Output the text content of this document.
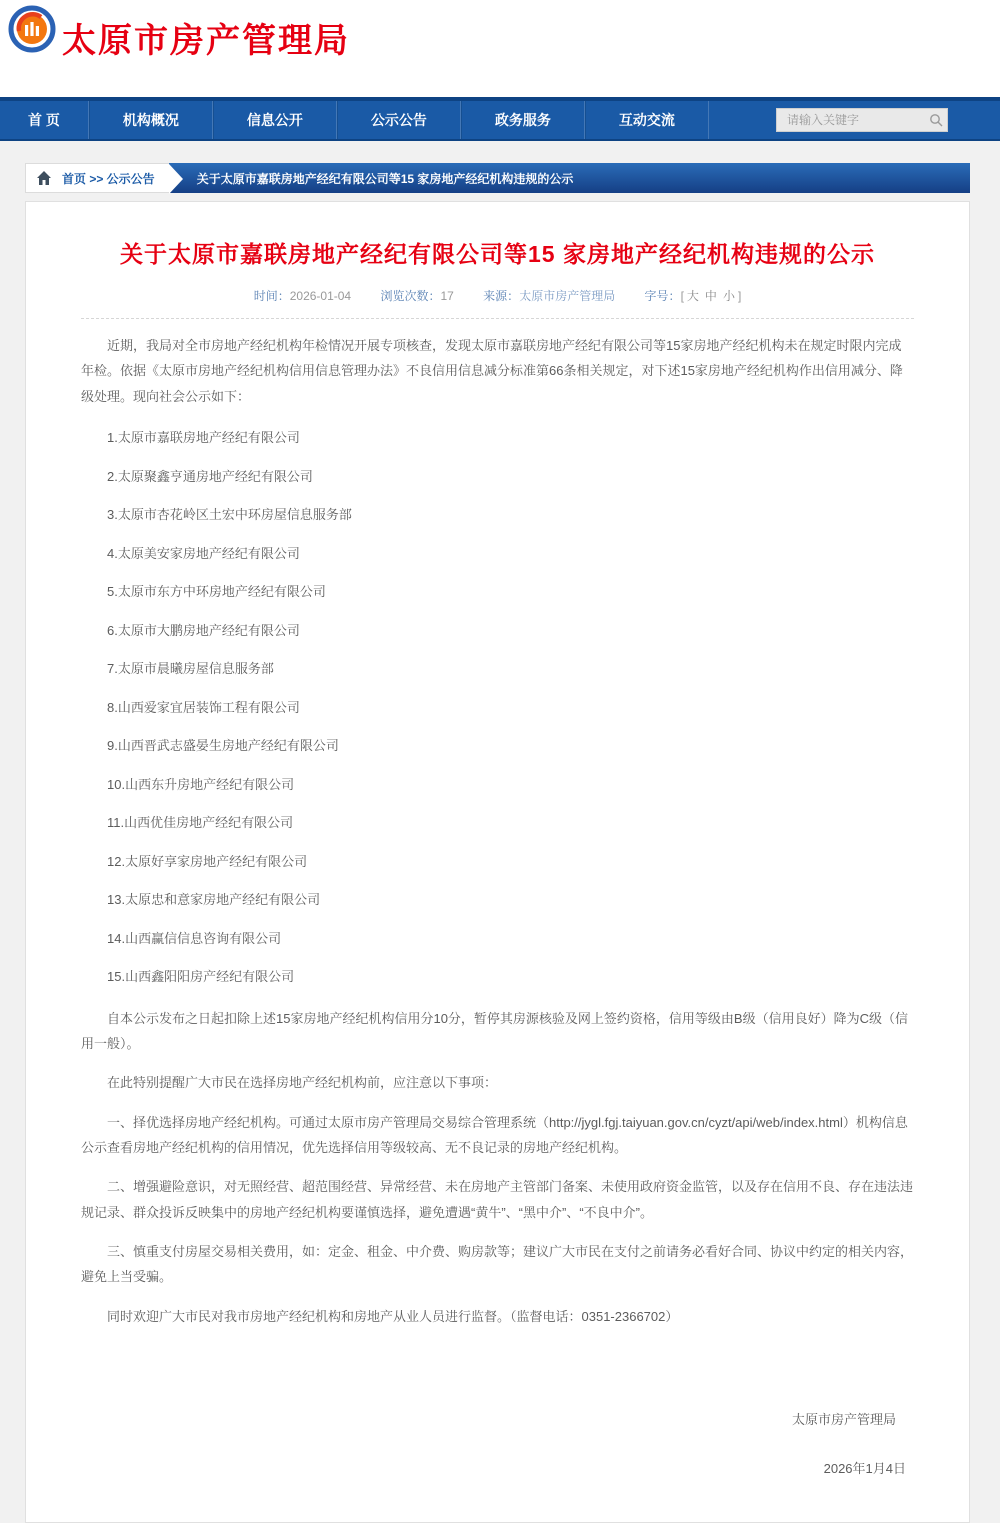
太原市房产管理局
首 页	机构概况	信息公开	公示公告	政务服务	互动交流
请输入关键字
首页 >> 公示公告	关于太原市嘉联房地产经纪有限公司等15 家房地产经纪机构违规的公示
关于太原市嘉联房地产经纪有限公司等15 家房地产经纪机构违规的公示
时间：2026-01-04 浏览次数：17 来源：太原市房产管理局 字号：[ 大 中 小 ]

近期，我局对全市房地产经纪机构年检情况开展专项核查，发现太原市嘉联房地产经纪有限公司等15家房地产经纪机构未在规定时限内完成年检。依据《太原市房地产经纪机构信用信息管理办法》不良信用信息减分标准第66条相关规定，对下述15家房地产经纪机构作出信用减分、降级处理。现向社会公示如下：

1.太原市嘉联房地产经纪有限公司

2.太原聚鑫亨通房地产经纪有限公司

3.太原市杏花岭区土宏中环房屋信息服务部

4.太原美安家房地产经纪有限公司

5.太原市东方中环房地产经纪有限公司

6.太原市大鹏房地产经纪有限公司

7.太原市晨曦房屋信息服务部

8.山西爱家宜居装饰工程有限公司

9.山西晋武志盛晏生房地产经纪有限公司

10.山西东升房地产经纪有限公司

11.山西优佳房地产经纪有限公司

12.太原好享家房地产经纪有限公司

13.太原忠和意家房地产经纪有限公司

14.山西赢信信息咨询有限公司

15.山西鑫阳阳房产经纪有限公司

自本公示发布之日起扣除上述15家房地产经纪机构信用分10分，暂停其房源核验及网上签约资格，信用等级由B级（信用良好）降为C级（信用一般）。

在此特别提醒广大市民在选择房地产经纪机构前，应注意以下事项：

一、择优选择房地产经纪机构。可通过太原市房产管理局交易综合管理系统（http://jygl.fgj.taiyuan.gov.cn/cyzt/api/web/index.html）机构信息公示查看房地产经纪机构的信用情况，优先选择信用等级较高、无不良记录的房地产经纪机构。

二、增强避险意识，对无照经营、超范围经营、异常经营、未在房地产主管部门备案、未使用政府资金监管，以及存在信用不良、存在违法违规记录、群众投诉反映集中的房地产经纪机构要谨慎选择，避免遭遇“黄牛”、“黑中介”、“不良中介”。

三、慎重支付房屋交易相关费用，如：定金、租金、中介费、购房款等；建议广大市民在支付之前请务必看好合同、协议中约定的相关内容，避免上当受骗。

同时欢迎广大市民对我市房地产经纪机构和房地产从业人员进行监督。（监督电话：0351-2366702）

太原市房产管理局
2026年1月4日
